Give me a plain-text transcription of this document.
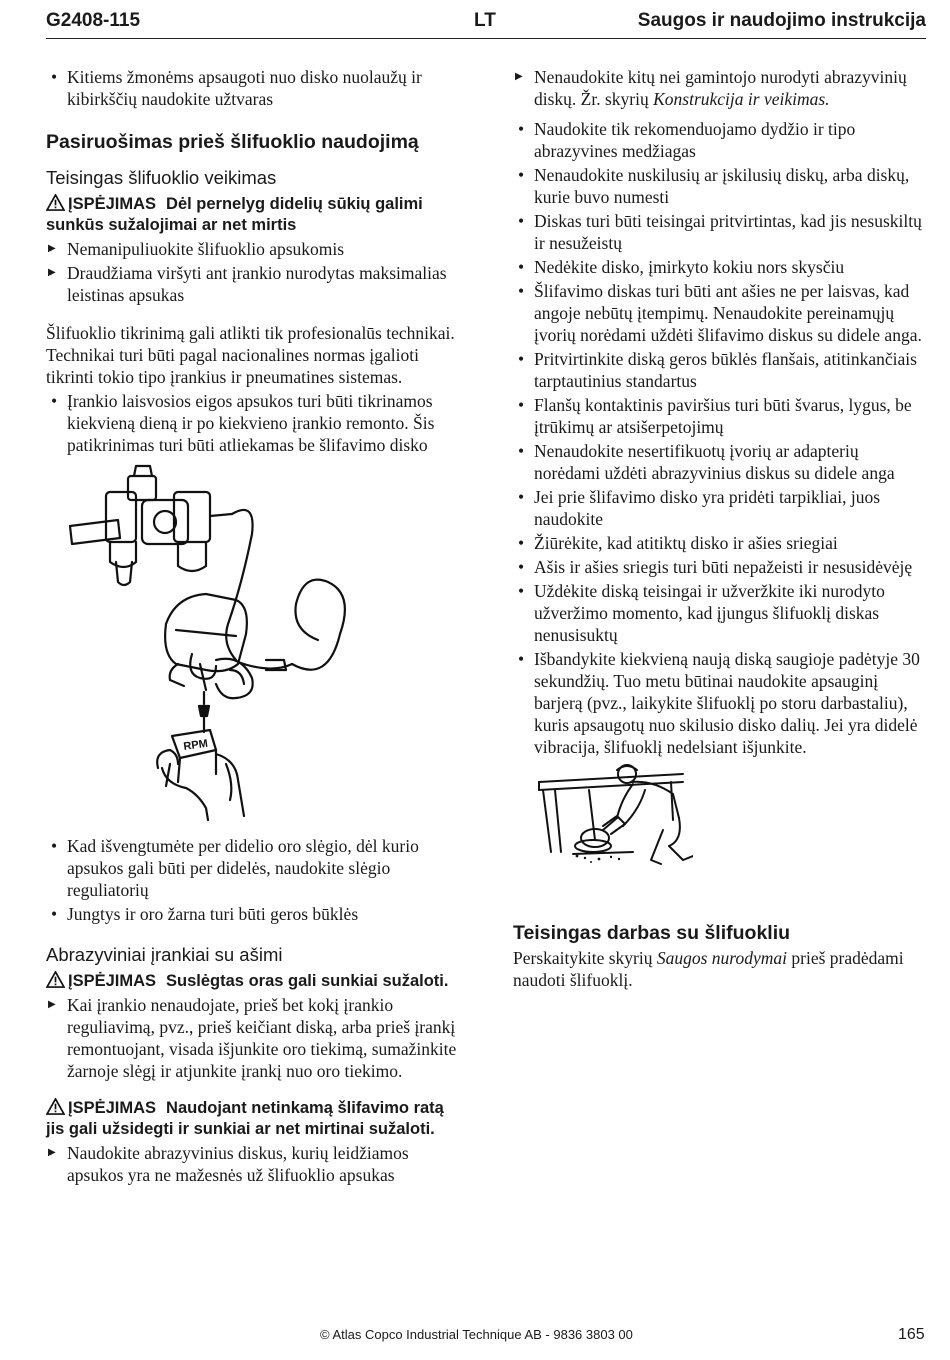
G2408-115	LT	Saugos ir naudojimo instrukcija
• Kitiems žmonėms apsaugoti nuo disko nuolaužų ir kibirkščių naudokite užtvaras
Pasiruošimas prieš šlifuoklio naudojimą
Teisingas šlifuoklio veikimas

ĮSPĖJIMAS Dėl pernelyg didelių sūkių galimi sunkūs sužalojimai ar net mirtis

▶ Nemanipuliuokite šlifuoklio apsukomis
▶ Draudžiama viršyti ant įrankio nurodytas maksimalias leistinas apsukas

Šlifuoklio tikrinimą gali atlikti tik profesionalūs technikai. Technikai turi būti pagal nacionalines normas įgalioti tikrinti tokio tipo įrankius ir pneumatines sistemas.

• Įrankio laisvosios eigos apsukos turi būti tikrinamos kiekvieną dieną ir po kiekvieno įrankio remonto. Šis patikrinimas turi būti atliekamas be šlifavimo disko
RPM
• Kad išvengtumėte per didelio oro slėgio, dėl kurio apsukos gali būti per didelės, naudokite slėgio reguliatorių
• Jungtys ir oro žarna turi būti geros būklės
Abrazyviniai įrankiai su ašimi

ĮSPĖJIMAS Suslėgtas oras gali sunkiai sužaloti.

▶ Kai įrankio nenaudojate, prieš bet kokį įrankio reguliavimą, pvz., prieš keičiant diską, arba prieš įrankį remontuojant, visada išjunkite oro tiekimą, sumažinkite žarnoje slėgį ir atjunkite įrankį nuo oro tiekimo.

ĮSPĖJIMAS Naudojant netinkamą šlifavimo ratą jis gali užsidegti ir sunkiai ar net mirtinai sužaloti.

▶ Naudokite abrazyvinius diskus, kurių leidžiamos apsukos yra ne mažesnės už šlifuoklio apsukas
▶ Nenaudokite kitų nei gamintojo nurodyti abrazyvinių diskų. Žr. skyrių Konstrukcija ir veikimas.
• Naudokite tik rekomenduojamo dydžio ir tipo abrazyvines medžiagas
• Nenaudokite nuskilusių ar įskilusių diskų, arba diskų, kurie buvo numesti
• Diskas turi būti teisingai pritvirtintas, kad jis nesuskiltų ir nesužeistų
• Nedėkite disko, įmirkyto kokiu nors skysčiu
• Šlifavimo diskas turi būti ant ašies ne per laisvas, kad angoje nebūtų įtempimų. Nenaudokite pereinamųjų įvorių norėdami uždėti šlifavimo diskus su didele anga.
• Pritvirtinkite diską geros būklės flanšais, atitinkančiais tarptautinius standartus
• Flanšų kontaktinis paviršius turi būti švarus, lygus, be įtrūkimų ar atsišerpetojimų
• Nenaudokite nesertifikuotų įvorių ar adapterių norėdami uždėti abrazyvinius diskus su didele anga
• Jei prie šlifavimo disko yra pridėti tarpikliai, juos naudokite
• Žiūrėkite, kad atitiktų disko ir ašies sriegiai
• Ašis ir ašies sriegis turi būti nepažeisti ir nesusidėvėję
• Uždėkite diską teisingai ir užveržkite iki nurodyto užveržimo momento, kad įjungus šlifuoklį diskas nenusisuktų
• Išbandykite kiekvieną naują diską saugioje padėtyje 30 sekundžių. Tuo metu būtinai naudokite apsauginį barjerą (pvz., laikykite šlifuoklį po storu darbastaliu), kuris apsaugotų nuo skilusio disko dalių. Jei yra didelė vibracija, šlifuoklį nedelsiant išjunkite.
Teisingas darbas su šlifuokliu

Perskaitykite skyrių Saugos nurodymai prieš pradėdami naudoti šlifuoklį.

© Atlas Copco Industrial Technique AB - 9836 3803 00	165
